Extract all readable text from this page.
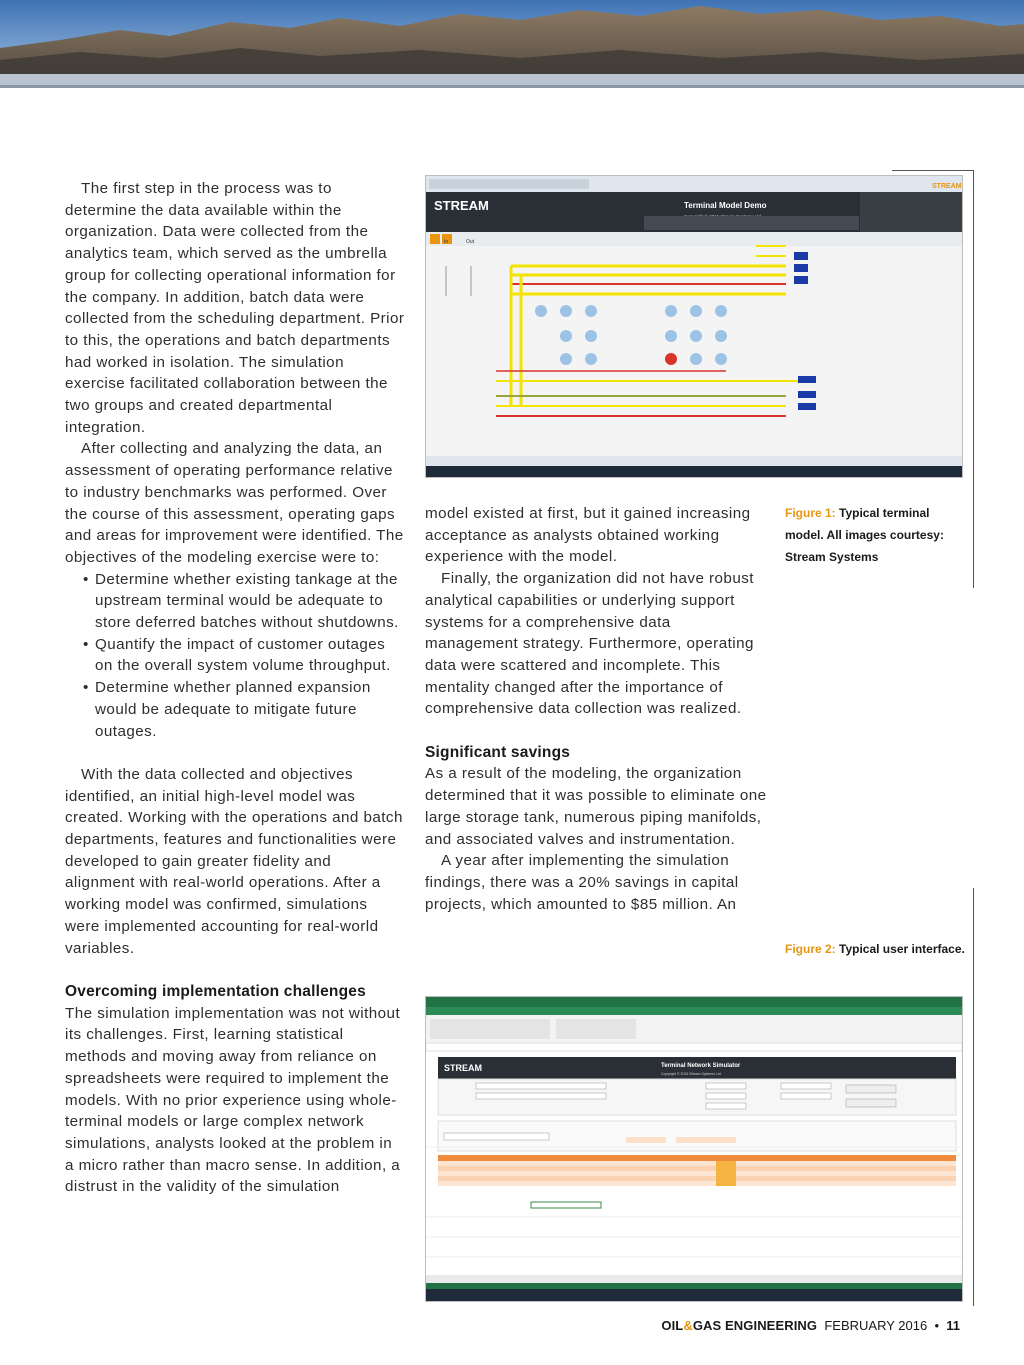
The first step in the process was to determine the data available within the organization. Data were collected from the analytics team, which served as the umbrella group for collecting operational information for the company. In addition, batch data were collected from the scheduling department. Prior to this, the operations and batch departments had worked in isolation. The simulation exercise facilitated collaboration between the two groups and created departmental integration.

After collecting and analyzing the data, an assessment of operating performance relative to industry benchmarks was performed. Over the course of this assessment, operating gaps and areas for improvement were identified. The objectives of the modeling exercise were to:

• Determine whether existing tankage at the upstream terminal would be adequate to store deferred batches without shutdowns.
• Quantify the impact of customer outages on the overall system volume throughput.
• Determine whether planned expansion would be adequate to mitigate future outages.

With the data collected and objectives identified, an initial high-level model was created. Working with the operations and batch departments, features and functionalities were developed to gain greater fidelity and alignment with real-world operations. After a working model was confirmed, simulations were implemented accounting for real-world variables.

Overcoming implementation challenges

The simulation implementation was not without its challenges. First, learning statistical methods and moving away from reliance on spreadsheets were required to implement the models. With no prior experience using whole-terminal models or large complex network simulations, analysts looked at the problem in a micro rather than macro sense. In addition, a distrust in the validity of the simulation

STREAM
STREAM	Terminal Model Demo
In	Out
Figure 1: Typical terminal model. All images courtesy: Stream Systems

model existed at first, but it gained increasing acceptance as analysts obtained working experience with the model.

Finally, the organization did not have robust analytical capabilities or underlying support systems for a comprehensive data management strategy. Furthermore, operating data were scattered and incomplete. This mentality changed after the importance of comprehensive data collection was realized.

Significant savings

As a result of the modeling, the organization determined that it was possible to eliminate one large storage tank, numerous piping manifolds, and associated valves and instrumentation.

A year after implementing the simulation findings, there was a 20% savings in capital projects, which amounted to $85 million. An

Figure 2: Typical user interface.
STREAM	Terminal Network Simulator
Copyright © 2015 Stream Systems Ltd
OIL&GAS ENGINEERING FEBRUARY 2016 • 11
